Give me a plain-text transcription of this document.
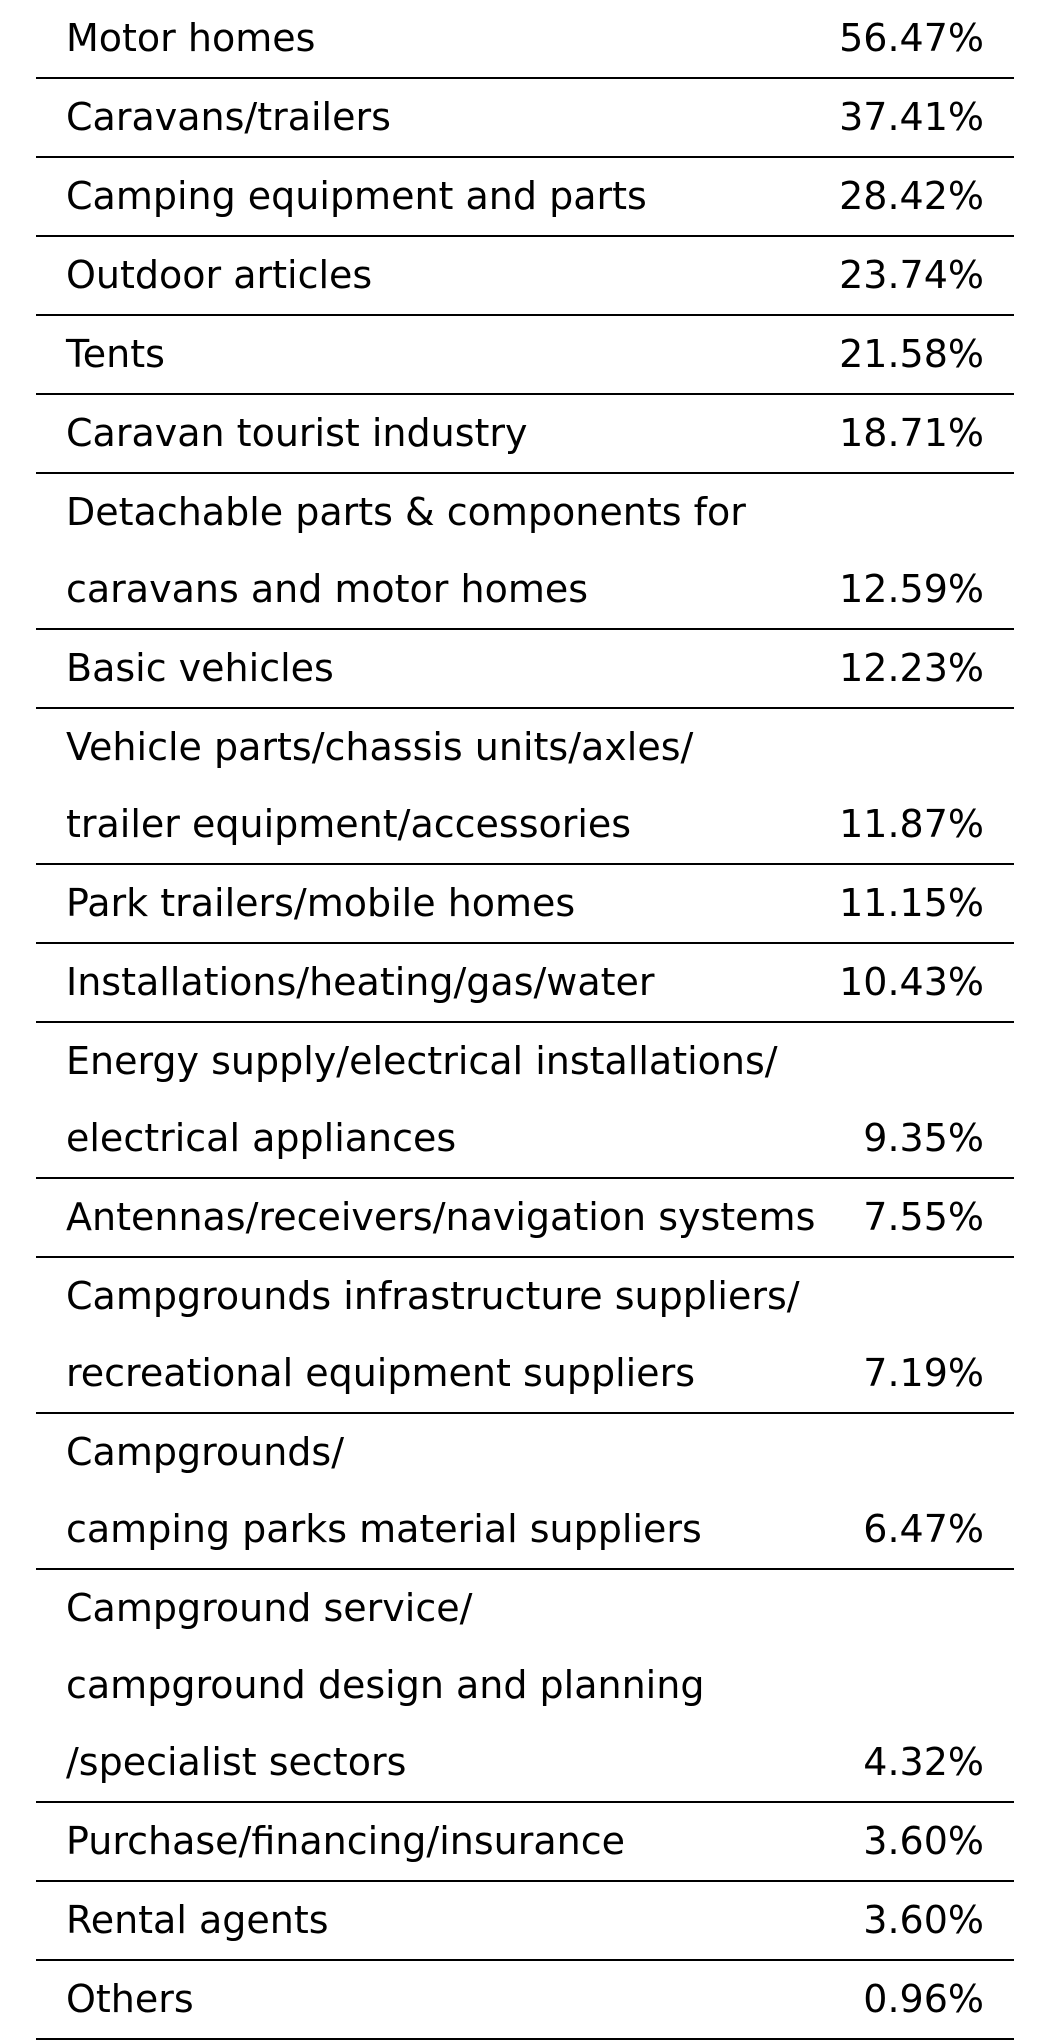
Motor homes	56.47%

Caravans/trailers	37.41%

Camping equipment and parts	28.42%

Outdoor articles	23.74%

Tents	21.58%

Caravan tourist industry	18.71%

Detachable parts & components for
caravans and motor homes	12.59%

Basic vehicles	12.23%

Vehicle parts/chassis units/axles/
trailer equipment/accessories	11.87%

Park trailers/mobile homes	11.15%

Installations/heating/gas/water	10.43%

Energy supply/electrical installations/
electrical appliances	9.35%

Antennas/receivers/navigation systems	7.55%

Campgrounds infrastructure suppliers/
recreational equipment suppliers	7.19%

Campgrounds/
camping parks material suppliers	6.47%

Campground service/
campground design and planning
/specialist sectors	4.32%

Purchase/financing/insurance	3.60%

Rental agents	3.60%

Others	0.96%
